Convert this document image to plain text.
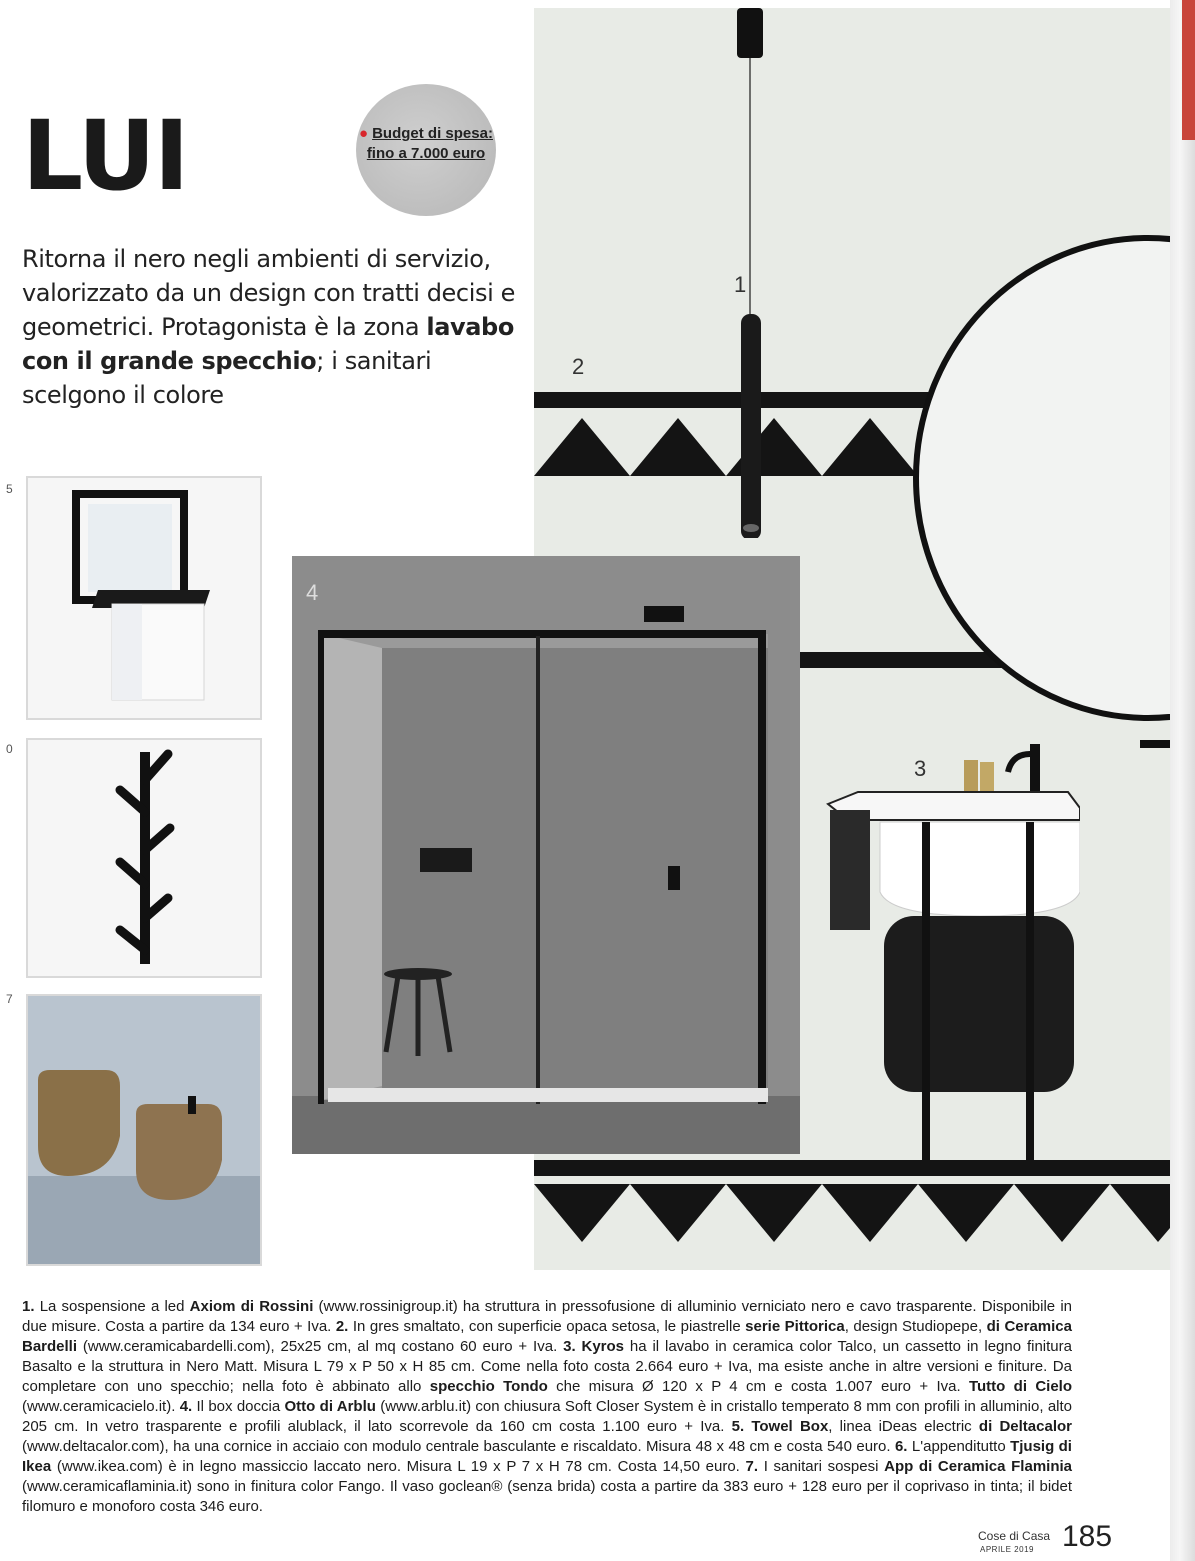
1
2
3
4
LUI	● Budget di spesa:
fino a 7.000 euro

Ritorna il nero negli ambienti di servizio, valorizzato da un design con tratti decisi e geometrici. Protagonista è la zona lavabo con il grande specchio; i sanitari scelgono il colore

5
0
7

1. La sospensione a led Axiom di Rossini (www.rossinigroup.it) ha struttura in pressofusione di alluminio verniciato nero e cavo trasparente. Disponibile in due misure. Costa a partire da 134 euro + Iva. 2. In gres smaltato, con superficie opaca setosa, le piastrelle serie Pittorica, design Studiopepe, di Ceramica Bardelli (www.ceramicabardelli.com), 25x25 cm, al mq costano 60 euro + Iva. 3. Kyros ha il lavabo in ceramica color Talco, un cassetto in legno finitura Basalto e la struttura in Nero Matt. Misura L 79 x P 50 x H 85 cm. Come nella foto costa 2.664 euro + Iva, ma esiste anche in altre versioni e finiture. Da completare con uno specchio; nella foto è abbinato allo specchio Tondo che misura Ø 120 x P 4 cm e costa 1.007 euro + Iva. Tutto di Cielo (www.ceramicacielo.it). 4. Il box doccia Otto di Arblu (www.arblu.it) con chiusura Soft Closer System è in cristallo temperato 8 mm con profili in alluminio, alto 205 cm. In vetro trasparente e profili alublack, il lato scorrevole da 160 cm costa 1.100 euro + Iva. 5. Towel Box, linea iDeas electric di Deltacalor (www.deltacalor.com), ha una cornice in acciaio con modulo centrale basculante e riscaldato. Misura 48 x 48 cm e costa 540 euro. 6. L'appenditutto Tjusig di Ikea (www.ikea.com) è in legno massiccio laccato nero. Misura L 19 x P 7 x H 78 cm. Costa 14,50 euro. 7. I sanitari sospesi App di Ceramica Flaminia (www.ceramicaflaminia.it) sono in finitura color Fango. Il vaso goclean® (senza brida) costa a partire da 383 euro + 128 euro per il coprivaso in tinta; il bidet filomuro e monoforo costa 346 euro.

Cose di Casa
APRILE 2019 185
